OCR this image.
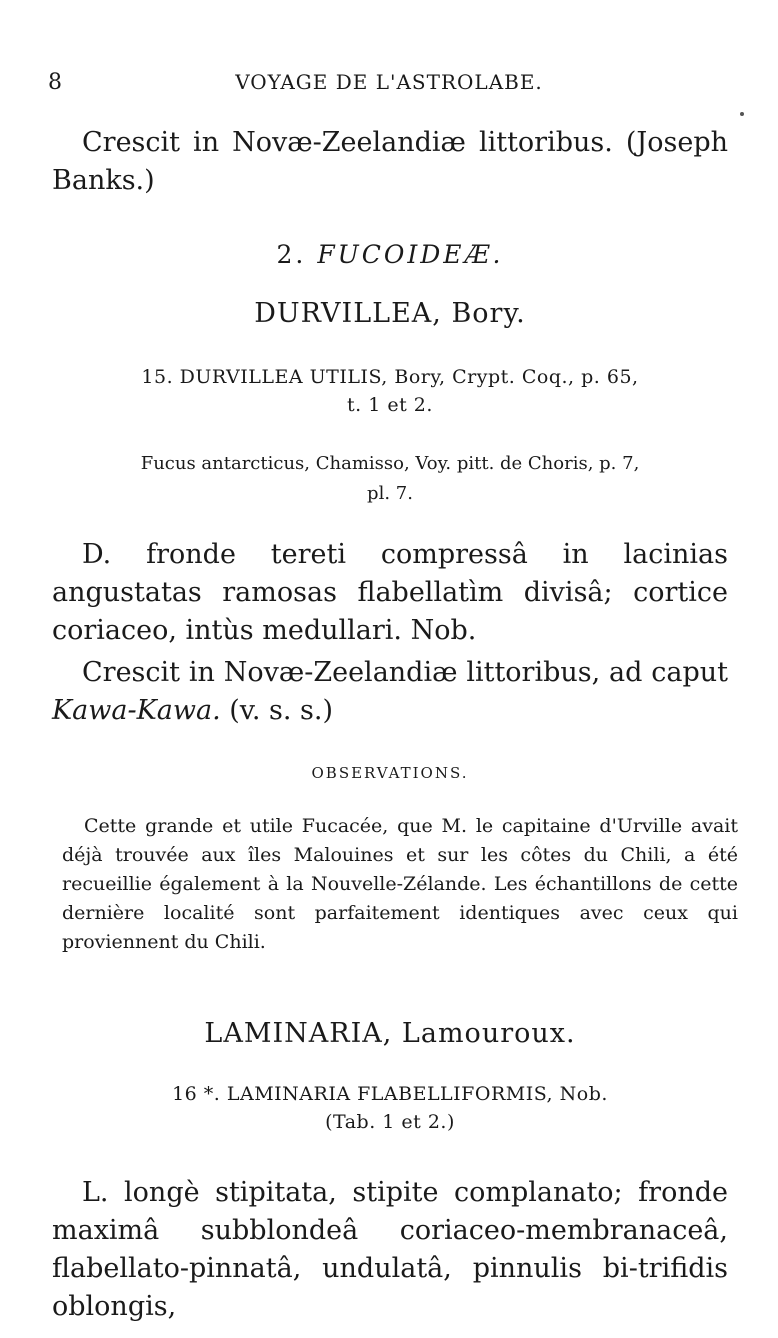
8	VOYAGE DE L'ASTROLABE.
Crescit in Novæ-Zeelandiæ littoribus. (Joseph Banks.)
2. FUCOIDEÆ.
DURVILLEA, Bory.
15. DURVILLEA UTILIS, Bory, Crypt. Coq., p. 65,
t. 1 et 2.
Fucus antarcticus, Chamisso, Voy. pitt. de Choris, p. 7,
pl. 7.
D. fronde tereti compressâ in lacinias angustatas ramosas flabellatìm divisâ; cortice coriaceo, intùs medullari. Nob.
Crescit in Novæ-Zeelandiæ littoribus, ad caput Kawa-Kawa. (v. s. s.)
OBSERVATIONS.
Cette grande et utile Fucacée, que M. le capitaine d'Urville avait déjà trouvée aux îles Malouines et sur les côtes du Chili, a été recueillie également à la Nouvelle-Zélande. Les échantillons de cette dernière localité sont parfaitement identiques avec ceux qui proviennent du Chili.
LAMINARIA, Lamouroux.
16 *. LAMINARIA FLABELLIFORMIS, Nob.
(Tab. 1 et 2.)
L. longè stipitata, stipite complanato; fronde maximâ subblondeâ coriaceo-membranaceâ, flabellato-pinnatâ, undulatâ, pinnulis bi-trifidis oblongis,
